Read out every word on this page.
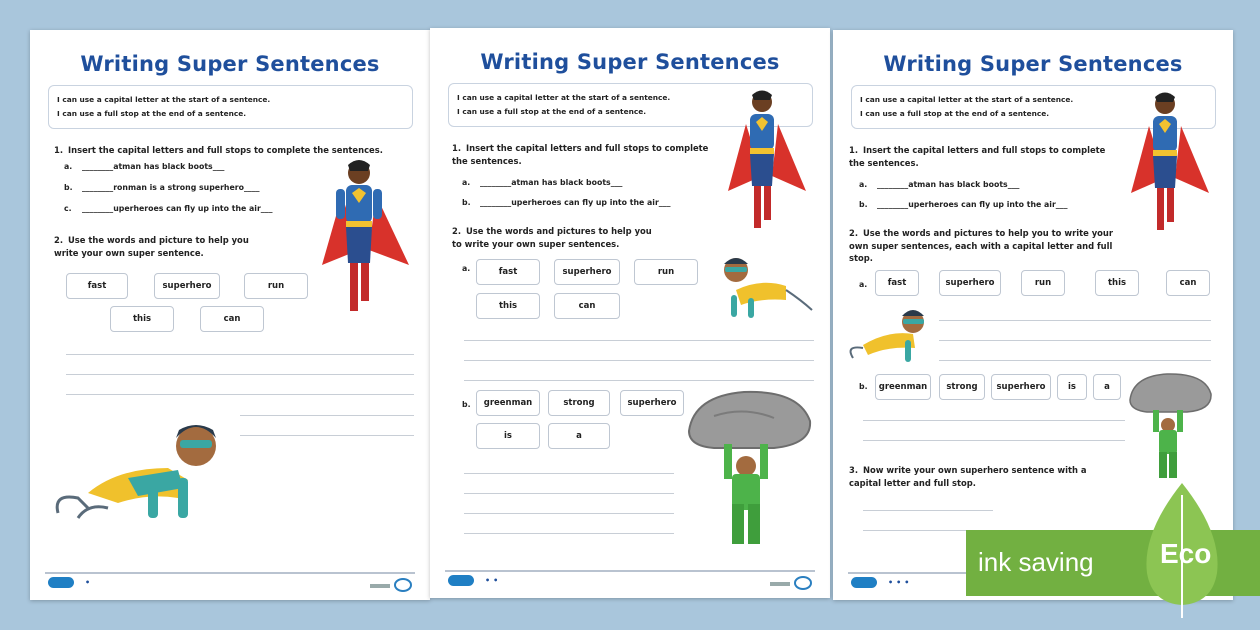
Writing Super Sentences
I can use a capital letter at the start of a sentence.
I can use a full stop at the end of a sentence.
1. Insert the capital letters and full stops to complete the sentences.
a. ________atman has black boots___
b. ________ronman is a strong superhero____
c. ________uperheroes can fly up into the air___
2. Use the words and picture to help you write your own super sentence.
fast	superhero	run
this	can
•
Writing Super Sentences
I can use a capital letter at the start of a sentence.
I can use a full stop at the end of a sentence.
1. Insert the capital letters and full stops to complete the sentences.
a. ________atman has black boots___
b. ________uperheroes can fly up into the air___
2. Use the words and pictures to help you to write your own super sentences.
a.	fast	superhero	run
this	can
b.	greenman	strong	superhero
is	a
••
Writing Super Sentences
I can use a capital letter at the start of a sentence.
I can use a full stop at the end of a sentence.
1. Insert the capital letters and full stops to complete the sentences.
a. ________atman has black boots___
b. ________uperheroes can fly up into the air___
2. Use the words and pictures to help you to write your own super sentences, each with a capital letter and full stop.
a.	fast	superhero	run	this	can
b.	greenman	strong	superhero	is	a
3. Now write your own superhero sentence with a capital letter and full stop.
•••
ink saving Eco
